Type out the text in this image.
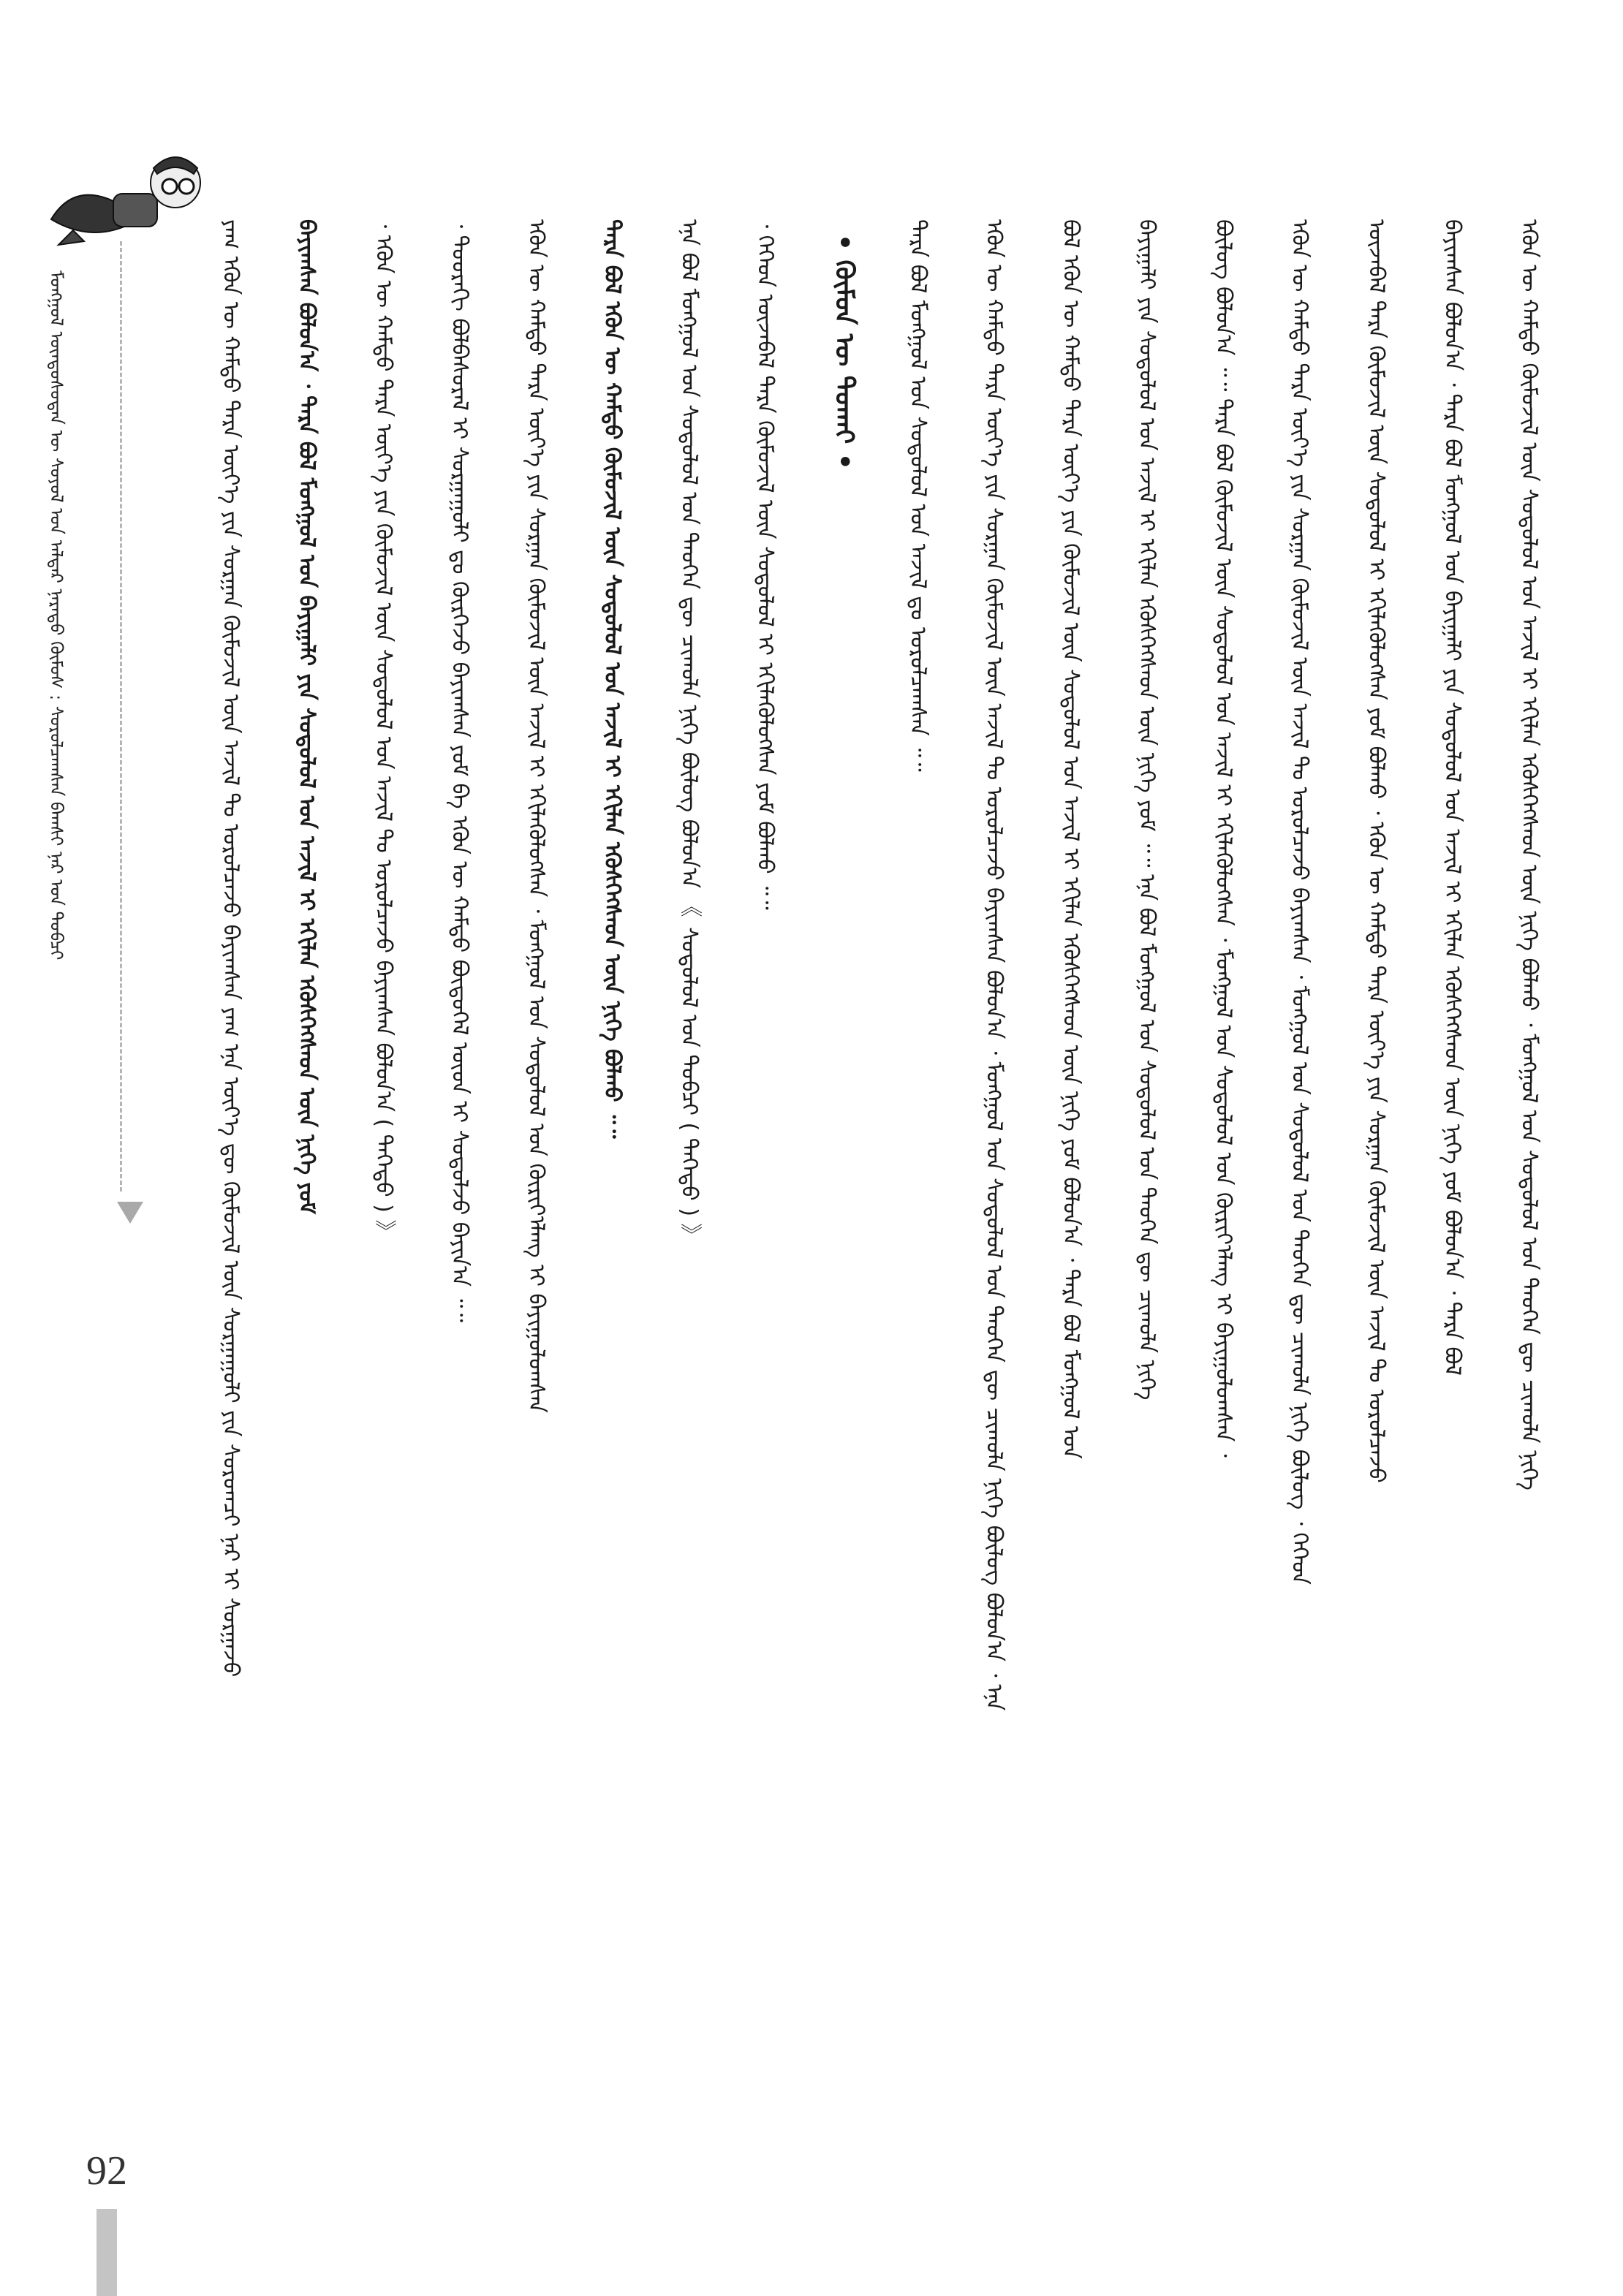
ᠮᠣᠩᠭᠣᠯ ᠦᠨᠳᠦᠰᠦᠲᠡᠨ ᠦ ᠰᠣᠶᠣᠯ ᠤᠨ ᠠᠯᠳᠠᠷ ᠨᠡᠷᠡᠲᠦ ᠬᠦᠮᠦᠰ : ᠰᠤᠷᠤᠯᠴᠠᠭᠰᠠᠨ ᠪᠠᠭᠰᠢ ᠨᠠᠷ ᠤᠨ ᠲᠣᠪᠴᠢ	ᠶᠠᠭ ᠡᠭᠦᠨ ᠦ ᠬᠠᠮᠲᠤ ᠲᠡᠷᠡ ᠦᠶ᠎ᠡ ᠶᠢᠨ ᠰᠤᠷᠭᠠᠨ ᠬᠦᠮᠦᠵᠢᠯ ᠦᠨ ᠠᠵᠢᠯ ᠲᠤ ᠣᠷᠣᠯᠴᠠᠵᠤ ᠪᠠᠶᠢᠭᠰᠠᠨ ᠶᠠᠭ ᠡᠨᠡ ᠦᠶ᠎ᠡ ᠳᠦ ᠬᠦᠮᠦᠵᠢᠯ ᠦᠨ ᠰᠤᠷᠭᠠᠭᠤᠯᠢ ᠶᠢᠨ ᠰᠤᠷᠤᠭᠴᠢ ᠨᠠᠷ ᠢ ᠰᠤᠷᠭᠠᠵᠤ ᠪᠠᠶᠢᠭᠰᠠᠨ ᠪᠣᠯᠤᠨ᠎ᠠ ᠂ ᠲᠡᠷᠡ ᠪᠣᠯ ᠮᠣᠩᠭᠣᠯ ᠤᠨ ᠪᠠᠶᠢᠭᠠᠯᠢ ᠶᠢᠨ ᠰᠤᠳᠤᠯᠤᠯ ᠤᠨ ᠠᠵᠢᠯ ᠢ ᠡᠬᠢᠯᠡᠨ ᠡᠭᠦᠰᠬᠡᠭᠰᠡᠳ ᠦᠨ ᠨᠢᠭᠡ ᠶᠤᠮ ᠂ ᠡᠭᠦᠨ ᠦ ᠬᠠᠮᠲᠤ ᠲᠡᠷᠡ ᠦᠶ᠎ᠡ ᠶᠢᠨ ᠬᠦᠮᠦᠵᠢᠯ ᠦᠨ ᠰᠤᠳᠤᠯᠤᠯ ᠤᠨ ᠠᠵᠢᠯ ᠲᠤ ᠣᠷᠣᠯᠴᠠᠵᠤ ᠪᠠᠶᠢᠭᠰᠠᠨ ᠪᠣᠯᠤᠨ᠎ᠠ ( ᠳᠡᠭᠡᠳᠦ ) 》 ᠂ ᠳᠣᠣᠷᠠᠬᠢ ᠪᠣᠯᠪᠠᠰᠤᠷᠠᠯ ᠢ ᠰᠤᠷᠭᠠᠭᠤᠯᠢ ᠳᠤ ᠬᠦᠷᠭᠡᠵᠦ ᠪᠠᠶᠢᠭᠰᠠᠨ ᠶᠤᠮ ᠪᠠ ᠡᠭᠦᠨ ᠦ ᠬᠠᠮᠲᠤ ᠪᠦᠲᠦᠭᠡᠯ ᠦᠳ ᠢ ᠰᠤᠳᠤᠯᠵᠤ ᠪᠠᠶᠢᠨ᠎ᠠ ᠃᠃ ᠡᠭᠦᠨ ᠦ ᠬᠠᠮᠲᠤ ᠲᠡᠷᠡ ᠦᠶ᠎ᠡ ᠶᠢᠨ ᠰᠤᠷᠭᠠᠨ ᠬᠦᠮᠦᠵᠢᠯ ᠦᠨ ᠠᠵᠢᠯ ᠢ ᠡᠬᠢᠯᠡᠭᠦᠯᠦᠭᠰᠡᠨ ᠂ ᠮᠣᠩᠭᠣᠯ ᠤᠨ ᠰᠤᠳᠤᠯᠤᠯ ᠤᠨ ᠬᠦᠷᠢᠶ᠎ᠡᠯᠡᠩ ᠢ ᠪᠠᠶᠢᠭᠤᠯᠤᠭᠰᠠᠨ ᠲᠡᠷᠡ ᠪᠣᠯ ᠡᠭᠦᠨ ᠦ ᠬᠠᠮᠲᠤ ᠬᠦᠮᠦᠵᠢᠯ ᠦᠨ ᠰᠤᠳᠤᠯᠤᠯ ᠤᠨ ᠠᠵᠢᠯ ᠢ ᠡᠬᠢᠯᠡᠨ ᠡᠭᠦᠰᠬᠡᠭᠰᠡᠳ ᠦᠨ ᠨᠢᠭᠡ ᠪᠣᠯᠬᠤ ᠃᠃ ᠡᠨᠡ ᠪᠣᠯ ᠮᠣᠩᠭᠣᠯ ᠤᠨ ᠰᠤᠳᠤᠯᠤᠯ ᠤᠨ ᠲᠡᠦᠬᠡᠨ ᠳᠦ ᠴᠢᠬᠤᠯᠠ ᠨᠢᠭᠡ ᠪᠦᠯᠦᠭ ᠪᠣᠯᠤᠨ᠎ᠠ 《 ᠰᠤᠳᠤᠯᠤᠯ ᠤᠨ ᠲᠣᠪᠴᠢ ( ᠳᠡᠭᠡᠳᠦ ) 》 ᠂ ᠬᠡᠭᠡᠳ ᠦᠵᠡᠪᠡᠯ ᠲᠡᠷᠡ ᠬᠦᠮᠦᠵᠢᠯ ᠦᠨ ᠰᠤᠳᠤᠯᠤᠯ ᠢ ᠡᠬᠢᠯᠡᠭᠦᠯᠦᠭᠰᠡᠨ ᠶᠤᠮ ᠪᠣᠯᠬᠤ ᠃᠃ • ᠬᠦᠮᠦᠨ ᠦ ᠲᠤᠬᠠᠢ • ᠲᠡᠷᠡ ᠪᠣᠯ ᠮᠣᠩᠭᠣᠯ ᠤᠨ ᠰᠤᠳᠤᠯᠤᠯ ᠤᠨ ᠠᠵᠢᠯ ᠳᠤ ᠣᠷᠣᠯᠴᠠᠭᠰᠠᠨ ᠃᠃ ᠡᠭᠦᠨ ᠦ ᠬᠠᠮᠲᠤ ᠲᠡᠷᠡ ᠦᠶ᠎ᠡ ᠶᠢᠨ ᠰᠤᠷᠭᠠᠨ ᠬᠦᠮᠦᠵᠢᠯ ᠦᠨ ᠠᠵᠢᠯ ᠲᠤ ᠣᠷᠣᠯᠴᠠᠵᠤ ᠪᠠᠶᠢᠭᠰᠠᠨ ᠪᠣᠯᠤᠨ᠎ᠠ ᠂ ᠮᠣᠩᠭᠣᠯ ᠤᠨ ᠰᠤᠳᠤᠯᠤᠯ ᠤᠨ ᠲᠡᠦᠬᠡᠨ ᠳᠦ ᠴᠢᠬᠤᠯᠠ ᠨᠢᠭᠡ ᠪᠦᠯᠦᠭ ᠪᠣᠯᠤᠨ᠎ᠠ ᠂ ᠡᠨᠡ ᠪᠣᠯ ᠡᠭᠦᠨ ᠦ ᠬᠠᠮᠲᠤ ᠲᠡᠷᠡ ᠦᠶ᠎ᠡ ᠶᠢᠨ ᠬᠦᠮᠦᠵᠢᠯ ᠦᠨ ᠰᠤᠳᠤᠯᠤᠯ ᠤᠨ ᠠᠵᠢᠯ ᠢ ᠡᠬᠢᠯᠡᠨ ᠡᠭᠦᠰᠬᠡᠭᠰᠡᠳ ᠦᠨ ᠨᠢᠭᠡ ᠶᠤᠮ ᠪᠣᠯᠤᠨ᠎ᠠ ᠂ ᠲᠡᠷᠡ ᠪᠣᠯ ᠮᠣᠩᠭᠣᠯ ᠤᠨ ᠪᠠᠶᠢᠭᠠᠯᠢ ᠶᠢᠨ ᠰᠤᠳᠤᠯᠤᠯ ᠤᠨ ᠠᠵᠢᠯ ᠢ ᠡᠬᠢᠯᠡᠨ ᠡᠭᠦᠰᠬᠡᠭᠰᠡᠳ ᠦᠨ ᠨᠢᠭᠡ ᠶᠤᠮ ᠃᠃ ᠡᠨᠡ ᠪᠣᠯ ᠮᠣᠩᠭᠣᠯ ᠤᠨ ᠰᠤᠳᠤᠯᠤᠯ ᠤᠨ ᠲᠡᠦᠬᠡᠨ ᠳᠦ ᠴᠢᠬᠤᠯᠠ ᠨᠢᠭᠡ ᠪᠦᠯᠦᠭ ᠪᠣᠯᠤᠨ᠎ᠠ ᠃᠃ ᠲᠡᠷᠡ ᠪᠣᠯ ᠬᠦᠮᠦᠵᠢᠯ ᠦᠨ ᠰᠤᠳᠤᠯᠤᠯ ᠤᠨ ᠠᠵᠢᠯ ᠢ ᠡᠬᠢᠯᠡᠭᠦᠯᠦᠭᠰᠡᠨ ᠂ ᠮᠣᠩᠭᠣᠯ ᠤᠨ ᠰᠤᠳᠤᠯᠤᠯ ᠤᠨ ᠬᠦᠷᠢᠶ᠎ᠡᠯᠡᠩ ᠢ ᠪᠠᠶᠢᠭᠤᠯᠤᠭᠰᠠᠨ ᠂ ᠡᠭᠦᠨ ᠦ ᠬᠠᠮᠲᠤ ᠲᠡᠷᠡ ᠦᠶ᠎ᠡ ᠶᠢᠨ ᠰᠤᠷᠭᠠᠨ ᠬᠦᠮᠦᠵᠢᠯ ᠦᠨ ᠠᠵᠢᠯ ᠲᠤ ᠣᠷᠣᠯᠴᠠᠵᠤ ᠪᠠᠶᠢᠭᠰᠠᠨ ᠂ ᠮᠣᠩᠭᠣᠯ ᠤᠨ ᠰᠤᠳᠤᠯᠤᠯ ᠤᠨ ᠲᠡᠦᠬᠡᠨ ᠳᠦ ᠴᠢᠬᠤᠯᠠ ᠨᠢᠭᠡ ᠪᠦᠯᠦᠭ ᠂ ᠬᠡᠭᠡᠳ ᠦᠵᠡᠪᠡᠯ ᠲᠡᠷᠡ ᠬᠦᠮᠦᠵᠢᠯ ᠦᠨ ᠰᠤᠳᠤᠯᠤᠯ ᠢ ᠡᠬᠢᠯᠡᠭᠦᠯᠦᠭᠰᠡᠨ ᠶᠤᠮ ᠪᠣᠯᠬᠤ ᠂ ᠡᠭᠦᠨ ᠦ ᠬᠠᠮᠲᠤ ᠲᠡᠷᠡ ᠦᠶ᠎ᠡ ᠶᠢᠨ ᠰᠤᠷᠭᠠᠨ ᠬᠦᠮᠦᠵᠢᠯ ᠦᠨ ᠠᠵᠢᠯ ᠲᠤ ᠣᠷᠣᠯᠴᠠᠵᠤ ᠪᠠᠶᠢᠭᠰᠠᠨ ᠪᠣᠯᠤᠨ᠎ᠠ ᠂ ᠲᠡᠷᠡ ᠪᠣᠯ ᠮᠣᠩᠭᠣᠯ ᠤᠨ ᠪᠠᠶᠢᠭᠠᠯᠢ ᠶᠢᠨ ᠰᠤᠳᠤᠯᠤᠯ ᠤᠨ ᠠᠵᠢᠯ ᠢ ᠡᠬᠢᠯᠡᠨ ᠡᠭᠦᠰᠬᠡᠭᠰᠡᠳ ᠦᠨ ᠨᠢᠭᠡ ᠶᠤᠮ ᠪᠣᠯᠤᠨ᠎ᠠ ᠂ ᠲᠡᠷᠡ ᠪᠣᠯ ᠡᠭᠦᠨ ᠦ ᠬᠠᠮᠲᠤ ᠬᠦᠮᠦᠵᠢᠯ ᠦᠨ ᠰᠤᠳᠤᠯᠤᠯ ᠤᠨ ᠠᠵᠢᠯ ᠢ ᠡᠬᠢᠯᠡᠨ ᠡᠭᠦᠰᠬᠡᠭᠰᠡᠳ ᠦᠨ ᠨᠢᠭᠡ ᠪᠣᠯᠬᠤ ᠂ ᠮᠣᠩᠭᠣᠯ ᠤᠨ ᠰᠤᠳᠤᠯᠤᠯ ᠤᠨ ᠲᠡᠦᠬᠡᠨ ᠳᠦ ᠴᠢᠬᠤᠯᠠ ᠨᠢᠭᠡ
92
